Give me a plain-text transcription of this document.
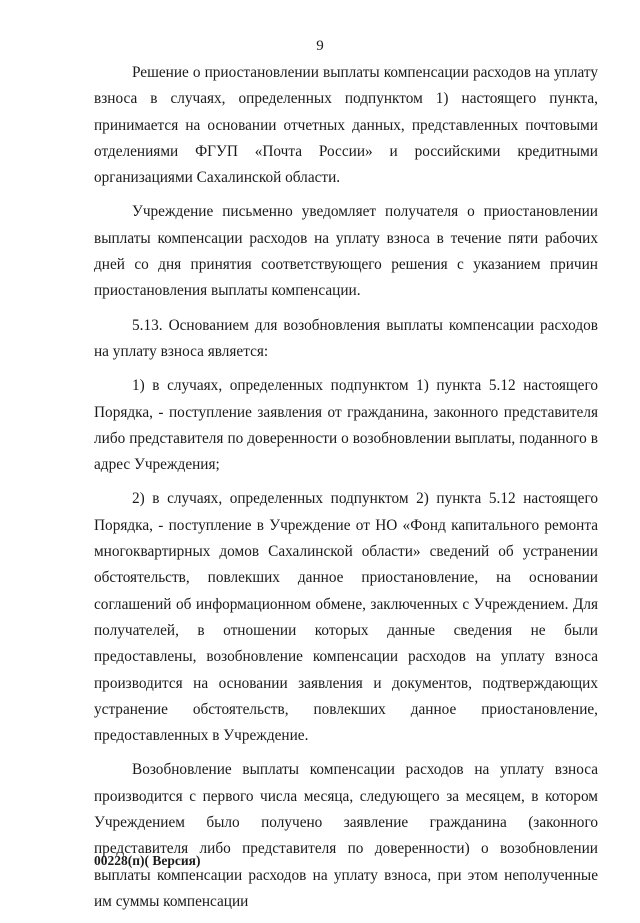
9

Решение о приостановлении выплаты компенсации расходов на уплату взноса в случаях, определенных подпунктом 1) настоящего пункта, принимается на основании отчетных данных, представленных почтовыми отделениями ФГУП «Почта России» и российскими кредитными организациями Сахалинской области.

Учреждение письменно уведомляет получателя о приостановлении выплаты компенсации расходов на уплату взноса в течение пяти рабочих дней со дня принятия соответствующего решения с указанием причин приостановления выплаты компенсации.

5.13. Основанием для возобновления выплаты компенсации расходов на уплату взноса является:

1) в случаях, определенных подпунктом 1) пункта 5.12 настоящего Порядка, - поступление заявления от гражданина, законного представителя либо представителя по доверенности о возобновлении выплаты, поданного в адрес Учреждения;

2) в случаях, определенных подпунктом 2) пункта 5.12 настоящего Порядка, - поступление в Учреждение от НО «Фонд капитального ремонта многоквартирных домов Сахалинской области» сведений об устранении обстоятельств, повлекших данное приостановление, на основании соглашений об информационном обмене, заключенных с Учреждением. Для получателей, в отношении которых данные сведения не были предоставлены, возобновление компенсации расходов на уплату взноса производится на основании заявления и документов, подтверждающих устранение обстоятельств, повлекших данное приостановление, предоставленных в Учреждение.

Возобновление выплаты компенсации расходов на уплату взноса производится с первого числа месяца, следующего за месяцем, в котором Учреждением было получено заявление гражданина (законного представителя либо представителя по доверенности) о возобновлении выплаты компенсации расходов на уплату взноса, при этом неполученные им суммы компенсации

00228(п)( Версия)
